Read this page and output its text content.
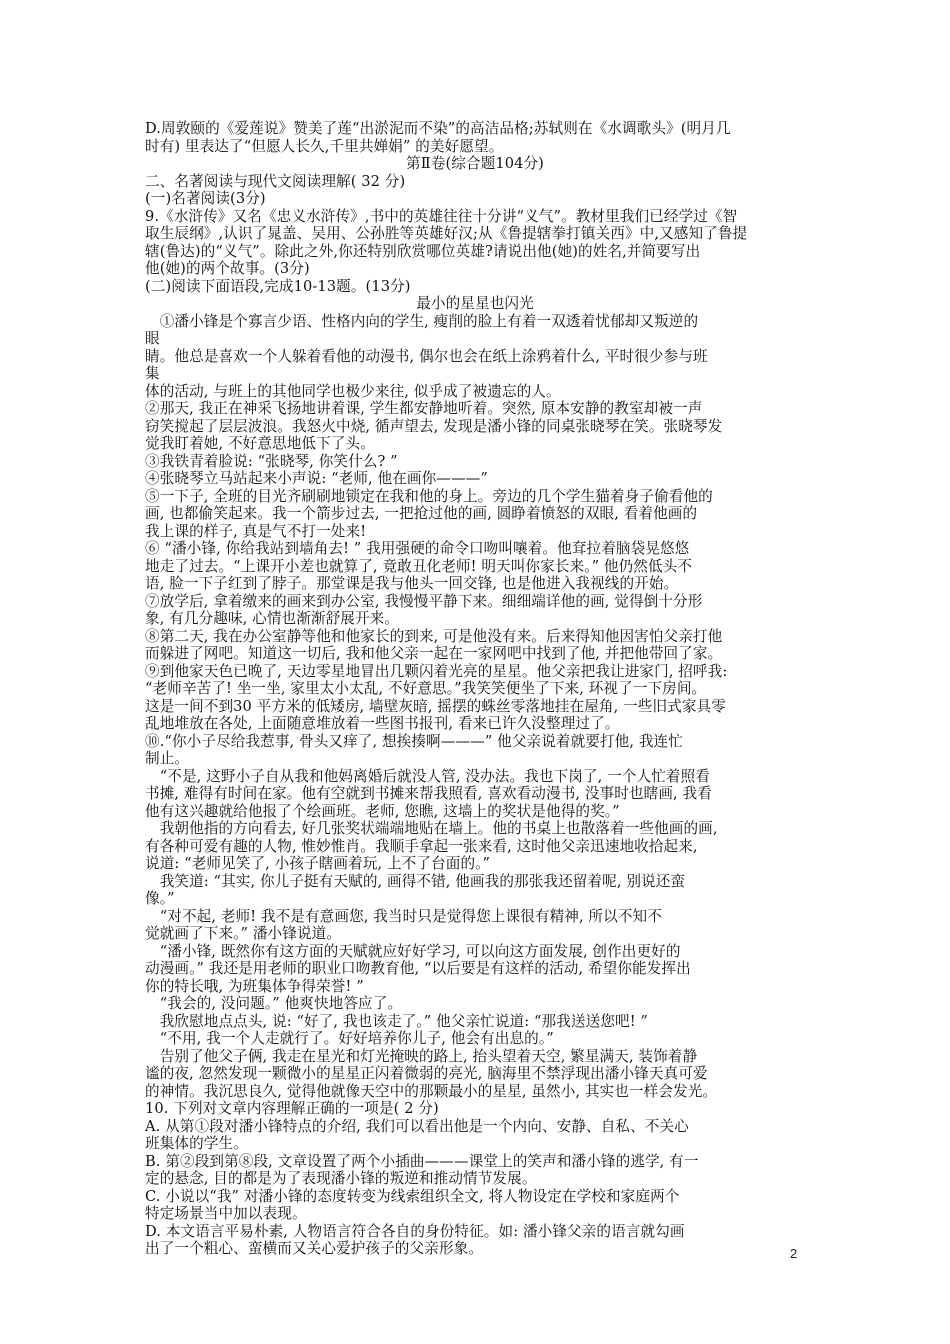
D.周敦颐的《爱莲说》赞美了莲“出淤泥而不染”的高洁品格;苏轼则在《水调歌头》(明月几
时有) 里表达了“但愿人长久,千里共婵娟” 的美好愿望。
第Ⅱ卷(综合题104分)
二、名著阅读与现代文阅读理解( 32 分)
(一)名著阅读(3分)
9.《水浒传》又名《忠义水浒传》,书中的英雄往往十分讲“义气”。教材里我们已经学过《智
取生辰纲》,认识了晁盖、吴用、公孙胜等英雄好汉;从《鲁提辖拳打镇关西》中,又感知了鲁提
辖(鲁达)的“义气”。除此之外,你还特别欣赏哪位英雄?请说出他(她)的姓名,并简要写出
他(她)的两个故事。(3分)
(二)阅读下面语段,完成10-13题。(13分)
最小的星星也闪光
　①潘小锋是个寡言少语、性格内向的学生, 瘦削的脸上有着一双透着忧郁却又叛逆的
眼
睛。他总是喜欢一个人躲着看他的动漫书, 偶尔也会在纸上涂鸦着什么, 平时很少参与班
集
体的活动, 与班上的其他同学也极少来往, 似乎成了被遗忘的人。
②那天, 我正在神采飞扬地讲着课, 学生都安静地听着。突然, 原本安静的教室却被一声
窃笑搅起了层层波浪。我怒火中烧, 循声望去, 发现是潘小锋的同桌张晓琴在笑。张晓琴发
觉我盯着她, 不好意思地低下了头。
③我铁青着脸说: “张晓琴, 你笑什么? ”
④张晓琴立马站起来小声说: “老师, 他在画你———”
⑤一下子, 全班的目光齐刷刷地锁定在我和他的身上。旁边的几个学生猫着身子偷看他的
画, 也都偷笑起来。我一个箭步过去, 一把抢过他的画, 圆睁着愤怒的双眼, 看着他画的
我上课的样子, 真是气不打一处来!
⑥ “潘小锋, 你给我站到墙角去! ” 我用强硬的命令口吻叫嚷着。他耷拉着脑袋晃悠悠
地走了过去。“上课开小差也就算了, 竟敢丑化老师! 明天叫你家长来。” 他仍然低头不
语, 脸一下子红到了脖子。那堂课是我与他头一回交锋, 也是他进入我视线的开始。
⑦放学后, 拿着缴来的画来到办公室, 我慢慢平静下来。细细端详他的画, 觉得倒十分形
象, 有几分趣味, 心情也渐渐舒展开来。
⑧第二天, 我在办公室静等他和他家长的到来, 可是他没有来。后来得知他因害怕父亲打他
而躲进了网吧。知道这一切后, 我和他父亲一起在一家网吧中找到了他, 并把他带回了家。
⑨到他家天色已晚了, 天边零星地冒出几颗闪着光亮的星星。他父亲把我让进家门, 招呼我:
“老师辛苦了! 坐一坐, 家里太小太乱, 不好意思。”我笑笑便坐了下来, 环视了一下房间。
这是一间不到30 平方米的低矮房, 墙壁灰暗, 摇摆的蛛丝零落地挂在屋角, 一些旧式家具零
乱地堆放在各处, 上面随意堆放着一些图书报刊, 看来已许久没整理过了。
⑩.“你小子尽给我惹事, 骨头又痒了, 想挨揍啊———” 他父亲说着就要打他, 我连忙
制止。
　“不是, 这野小子自从我和他妈离婚后就没人管, 没办法。我也下岗了, 一个人忙着照看
书摊, 难得有时间在家。他有空就到书摊来帮我照看, 喜欢看动漫书, 没事时也瞎画, 我看
他有这兴趣就给他报了个绘画班。老师, 您瞧, 这墙上的奖状是他得的奖。”
　我朝他指的方向看去, 好几张奖状端端地贴在墙上。他的书桌上也散落着一些他画的画,
有各种可爱有趣的人物, 惟妙惟肖。我顺手拿起一张来看, 这时他父亲迅速地收拾起来,
说道: “老师见笑了, 小孩子瞎画着玩, 上不了台面的。”
　我笑道: “其实, 你儿子挺有天赋的, 画得不错, 他画我的那张我还留着呢, 别说还蛮
像。”
　“对不起, 老师! 我不是有意画您, 我当时只是觉得您上课很有精神, 所以不知不
觉就画了下来。” 潘小锋说道。
　“潘小锋, 既然你有这方面的天赋就应好好学习, 可以向这方面发展, 创作出更好的
动漫画。” 我还是用老师的职业口吻教育他, “以后要是有这样的活动, 希望你能发挥出
你的特长哦, 为班集体争得荣誉! ”
　“我会的, 没问题。” 他爽快地答应了。
　我欣慰地点点头, 说: “好了, 我也该走了。” 他父亲忙说道: “那我送送您吧! ”
　“不用, 我一个人走就行了。好好培养你儿子, 他会有出息的。”
　告别了他父子俩, 我走在星光和灯光掩映的路上, 抬头望着天空, 繁星满天, 装饰着静
谧的夜, 忽然发现一颗微小的星星正闪着微弱的亮光, 脑海里不禁浮现出潘小锋天真可爱
的神情。我沉思良久, 觉得他就像天空中的那颗最小的星星, 虽然小, 其实也一样会发光。
10. 下列对文章内容理解正确的一项是( 2 分)
A. 从第①段对潘小锋特点的介绍, 我们可以看出他是一个内向、安静、自私、不关心
班集体的学生。
B. 第②段到第⑧段, 文章设置了两个小插曲———课堂上的笑声和潘小锋的逃学, 有一
定的悬念, 目的都是为了表现潘小锋的叛逆和推动情节发展。
C. 小说以“我” 对潘小锋的态度转变为线索组织全文, 将人物设定在学校和家庭两个
特定场景当中加以表现。
D. 本文语言平易朴素, 人物语言符合各自的身份特征。如: 潘小锋父亲的语言就勾画
出了一个粗心、蛮横而又关心爱护孩子的父亲形象。	2
